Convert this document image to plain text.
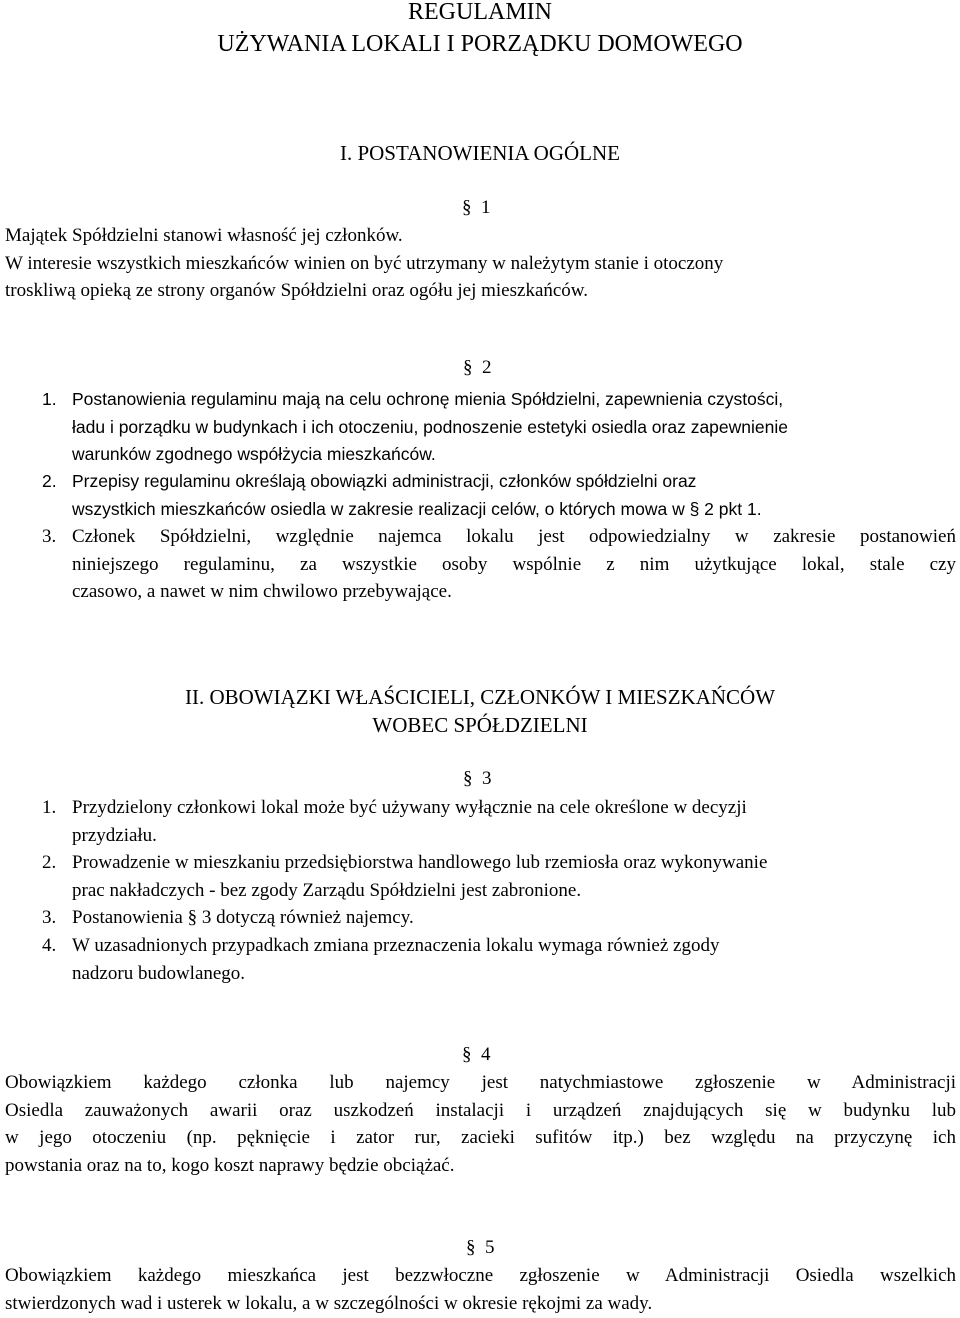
REGULAMIN
UŻYWANIA LOKALI I PORZĄDKU DOMOWEGO
I. POSTANOWIENIA OGÓLNE
§ 1
Majątek Spółdzielni stanowi własność jej członków.
W interesie wszystkich mieszkańców winien on być utrzymany w należytym stanie i otoczony
troskliwą opieką ze strony organów Spółdzielni oraz ogółu jej mieszkańców.
§ 2
1. Postanowienia regulaminu mają na celu ochronę mienia Spółdzielni, zapewnienia czystości,
ładu i porządku w budynkach i ich otoczeniu, podnoszenie estetyki osiedla oraz zapewnienie
warunków zgodnego współżycia mieszkańców.
2. Przepisy regulaminu określają obowiązki administracji, członków spółdzielni oraz
wszystkich mieszkańców osiedla w zakresie realizacji celów, o których mowa w § 2 pkt 1.
3. Członek Spółdzielni, względnie najemca lokalu jest odpowiedzialny w zakresie postanowień
niniejszego regulaminu, za wszystkie osoby wspólnie z nim użytkujące lokal, stale czy
czasowo, a nawet w nim chwilowo przebywające.
II. OBOWIĄZKI WŁAŚCICIELI, CZŁONKÓW I MIESZKAŃCÓW
WOBEC SPÓŁDZIELNI
§ 3
1. Przydzielony członkowi lokal może być używany wyłącznie na cele określone w decyzji
przydziału.
2. Prowadzenie w mieszkaniu przedsiębiorstwa handlowego lub rzemiosła oraz wykonywanie
prac nakładczych - bez zgody Zarządu Spółdzielni jest zabronione.
3. Postanowienia § 3 dotyczą również najemcy.
4. W uzasadnionych przypadkach zmiana przeznaczenia lokalu wymaga również zgody
nadzoru budowlanego.
§ 4
Obowiązkiem każdego członka lub najemcy jest natychmiastowe zgłoszenie w Administracji
Osiedla zauważonych awarii oraz uszkodzeń instalacji i urządzeń znajdujących się w budynku lub
w jego otoczeniu (np. pęknięcie i zator rur, zacieki sufitów itp.) bez względu na przyczynę ich
powstania oraz na to, kogo koszt naprawy będzie obciążać.
§ 5
Obowiązkiem każdego mieszkańca jest bezzwłoczne zgłoszenie w Administracji Osiedla wszelkich
stwierdzonych wad i usterek w lokalu, a w szczególności w okresie rękojmi za wady.
